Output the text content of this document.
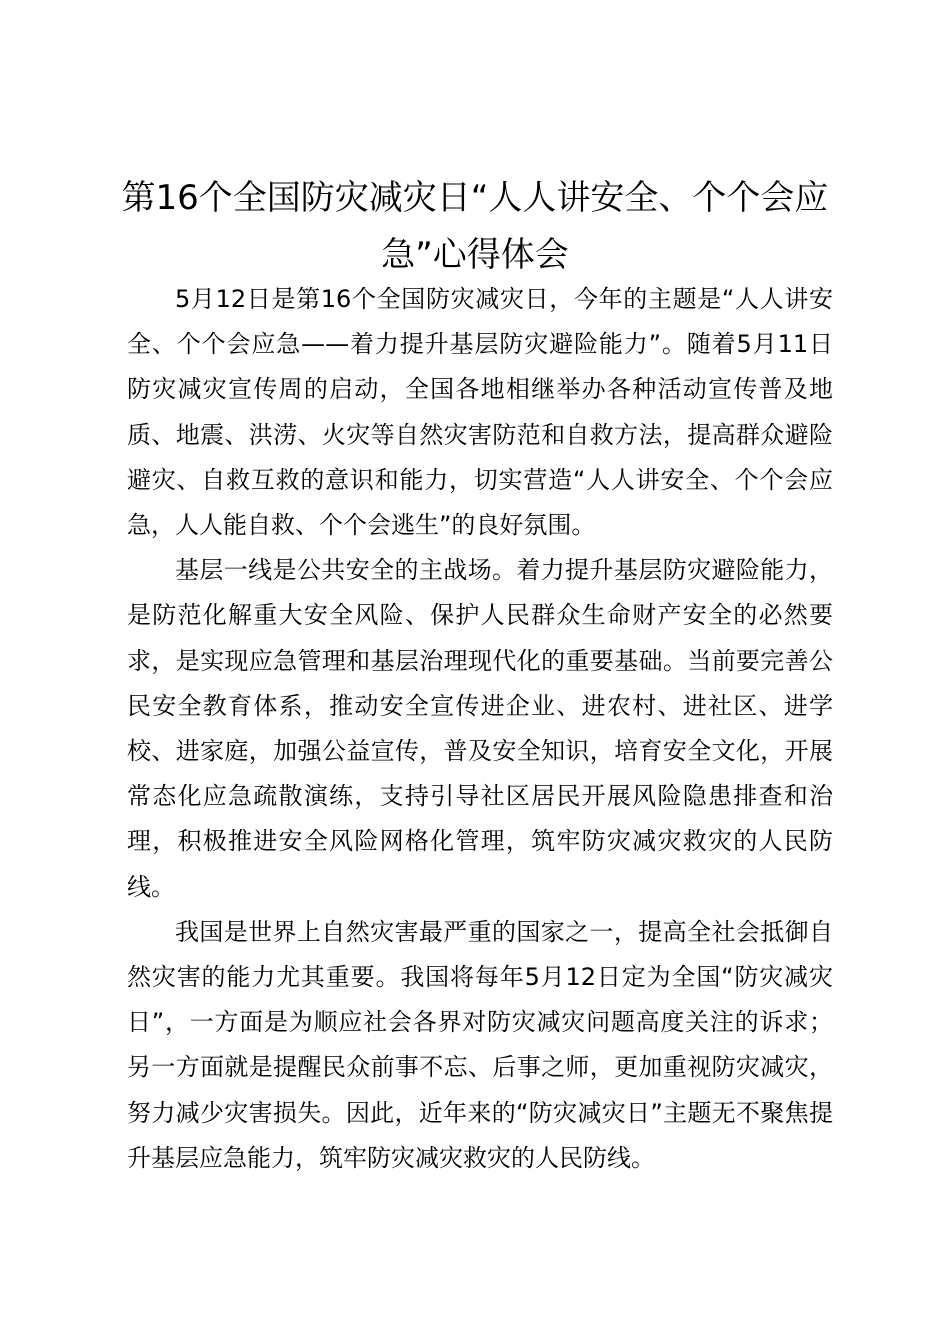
第16个全国防灾减灾日“人人讲安全、个个会应急”心得体会

5月12日是第16个全国防灾减灾日，今年的主题是“人人讲安全、个个会应急——着力提升基层防灾避险能力”。随着5月11日防灾减灾宣传周的启动，全国各地相继举办各种活动宣传普及地质、地震、洪涝、火灾等自然灾害防范和自救方法，提高群众避险避灾、自救互救的意识和能力，切实营造“人人讲安全、个个会应急，人人能自救、个个会逃生”的良好氛围。

基层一线是公共安全的主战场。着力提升基层防灾避险能力，是防范化解重大安全风险、保护人民群众生命财产安全的必然要求，是实现应急管理和基层治理现代化的重要基础。当前要完善公民安全教育体系，推动安全宣传进企业、进农村、进社区、进学校、进家庭，加强公益宣传，普及安全知识，培育安全文化，开展常态化应急疏散演练，支持引导社区居民开展风险隐患排查和治理，积极推进安全风险网格化管理，筑牢防灾减灾救灾的人民防线。

我国是世界上自然灾害最严重的国家之一，提高全社会抵御自然灾害的能力尤其重要。我国将每年5月12日定为全国“防灾减灾日”，一方面是为顺应社会各界对防灾减灾问题高度关注的诉求；另一方面就是提醒民众前事不忘、后事之师，更加重视防灾减灾，努力减少灾害损失。因此，近年来的“防灾减灾日”主题无不聚焦提升基层应急能力，筑牢防灾减灾救灾的人民防线。
